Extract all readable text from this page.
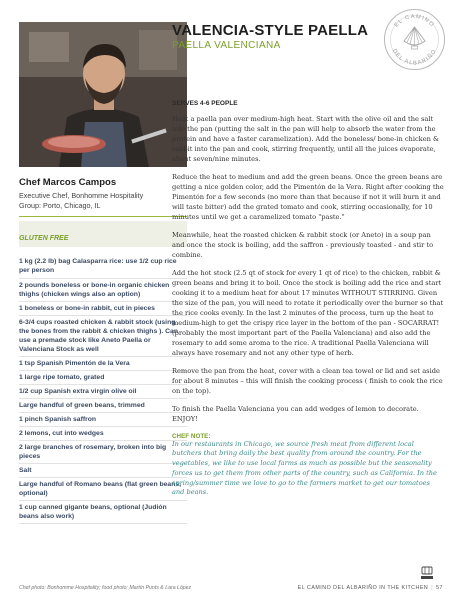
Chef Marcos Campos
Executive Chef, Bonhomme Hospitality
Group: Porto, Chicago, IL
GLUTEN FREE
1 kg (2.2 lb) bag Calasparra rice: use 1/2 cup rice per person
2 pounds boneless or bone-in organic chicken thighs (chicken wings also an option)
1 boneless or bone-in rabbit, cut in pieces
6-3/4 cups roasted chicken & rabbit stock (using the bones from the rabbit & chicken thighs ). Can use a premade stock like Aneto Paella or Valenciana Stock as well
1 tsp Spanish Pimentón de la Vera
1 large ripe tomato, grated
1/2 cup Spanish extra virgin olive oil
Large handful of green beans, trimmed
1 pinch Spanish saffron
2 lemons, cut into wedges
2 large branches of rosemary, broken into big pieces
Salt
Large handful of Romano beans (flat green beans, optional)
1 cup canned gigante beans, optional (Judión beans also work)
VALENCIA-STYLE PAELLA
PAELLA VALENCIANA
SERVES 4-6 PEOPLE

Heat a paella pan over medium-high heat. Start with the olive oil and the salt into the pan (putting the salt in the pan will help to absorb the water from the protein and have a faster caramelization). Add the boneless/ bone-in chicken & rabbit into the pan and cook, stirring frequently, until all the juices evaporate, about seven/nine minutes.

Reduce the heat to medium and add the green beans. Once the green beans are getting a nice golden color, add the Pimentón de la Vera. Right after cooking the Pimentón for a few seconds (no more than that because if not it will burn it and will taste bitter) add the grated tomato and cook, stirring occasionally, for 10 minutes until we get a caramelized tomato "paste."

Meanwhile, heat the roasted chicken & rabbit stock (or Aneto) in a soup pan and once the stock is boiling, add the saffron - previously toasted - and stir to combine.

Add the hot stock (2.5 qt of stock for every 1 qt of rice) to the chicken, rabbit & green beans and bring it to boil. Once the stock is boiling add the rice and start cooking it to a medium heat for about 17 minutes WITHOUT STIRRING. Given the size of the pan, you will need to rotate it periodically over the burner so that the rice cooks evenly. In the last 2 minutes of the process, turn up the heat to medium-high to get the crispy rice layer in the bottom of the pan - SOCARRAT! (probably the most important part of the Paella Valenciana) and also add the rosemary to add some aroma to the rice. A traditional Paella Valenciana will always have rosemary and not any other type of herb.

Remove the pan from the heat, cover with a clean tea towel or lid and set aside for about 8 minutes – this will finish the cooking process ( finish to cook the rice on the top).

To finish the Paella Valenciana you can add wedges of lemon to decorate. ENJOY!

CHEF NOTE:
In our restaurants in Chicago, we source fresh meat from different local butchers that bring daily the best quality from around the country. For the vegetables, we like to use local farms as much as possible but the seasonality forces us to get them from other parts of the country, such as California. In the spring/summer time we love to go to the farmers market to get our tomatoes and beans.
EL CAMINO
DEL ALBARIÑO
Chef photo: Bonhomme Hospitality; food photo: Martín Punts & Lara López	EL CAMINO DEL ALBARIÑO IN THE KITCHEN | 57
